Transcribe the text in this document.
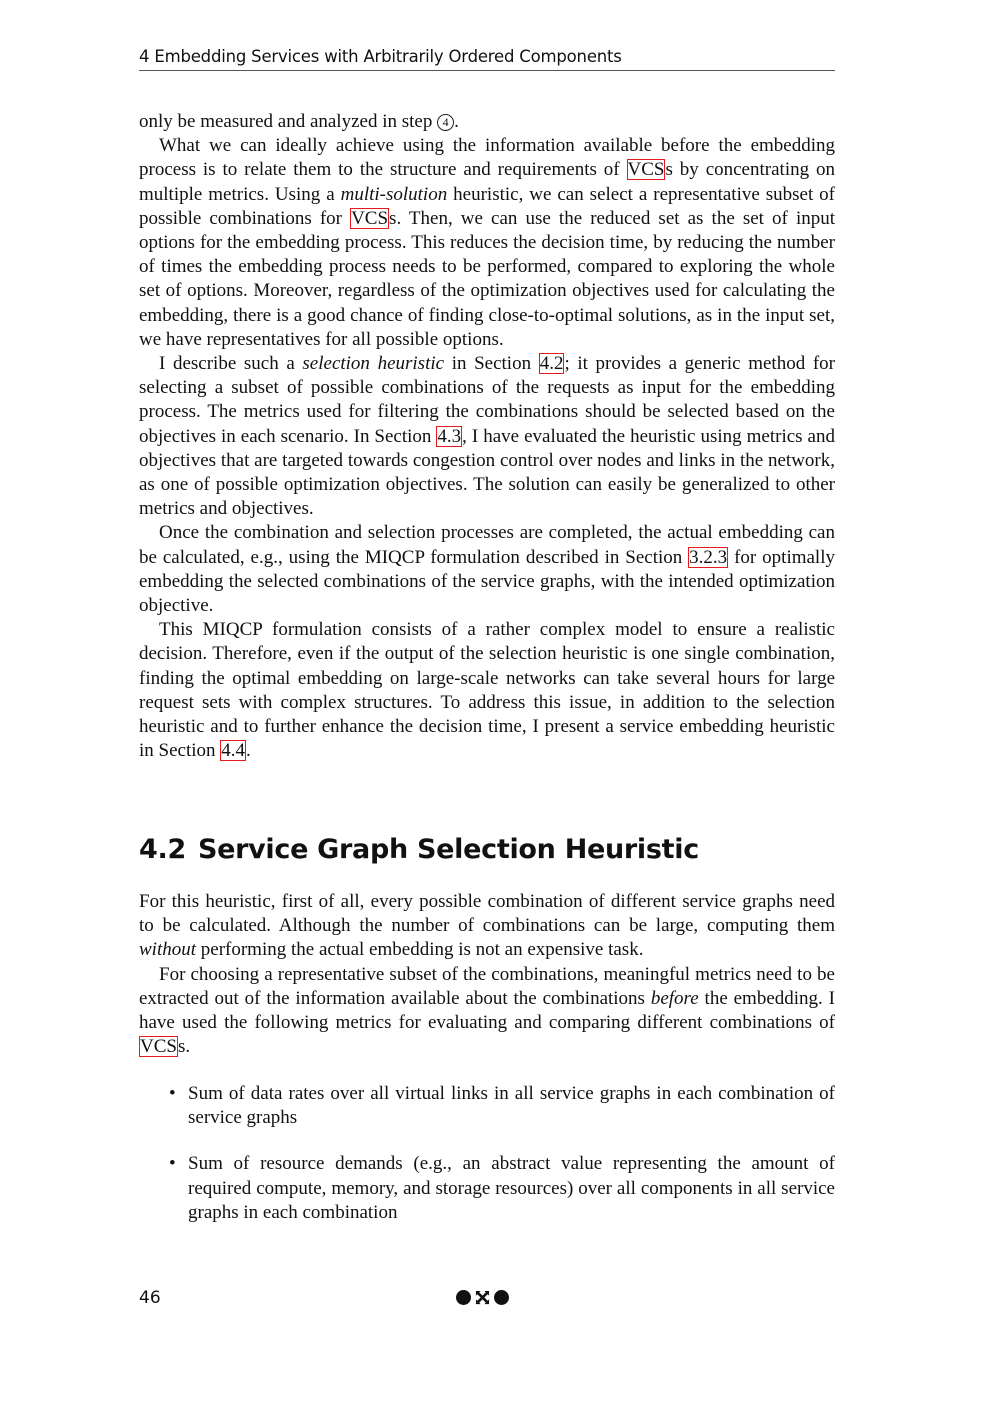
4 Embedding Services with Arbitrarily Ordered Components

only be measured and analyzed in step 4 .

What we can ideally achieve using the information available before the embedding process is to relate them to the structure and requirements of VCSs by concentrating on multiple metrics. Using a multi-solution heuristic, we can select a representative subset of possible combinations for VCSs. Then, we can use the reduced set as the set of input options for the embedding process. This reduces the decision time, by reducing the number of times the embedding process needs to be performed, compared to exploring the whole set of options. Moreover, regardless of the optimization objectives used for calculating the embedding, there is a good chance of finding close-to-optimal solutions, as in the input set, we have representatives for all possible options.

I describe such a selection heuristic in Section 4.2; it provides a generic method for selecting a subset of possible combinations of the requests as input for the embedding process. The metrics used for filtering the combinations should be selected based on the objectives in each scenario. In Section 4.3, I have evaluated the heuristic using metrics and objectives that are targeted towards congestion control over nodes and links in the network, as one of possible optimization objectives. The solution can easily be generalized to other metrics and objectives.

Once the combination and selection processes are completed, the actual embedding can be calculated, e.g., using the MIQCP formulation described in Section 3.2.3 for optimally embedding the selected combinations of the service graphs, with the intended optimization objective.

This MIQCP formulation consists of a rather complex model to ensure a realistic decision. Therefore, even if the output of the selection heuristic is one single combination, finding the optimal embedding on large-scale networks can take several hours for large request sets with complex structures. To address this issue, in addition to the selection heuristic and to further enhance the decision time, I present a service embedding heuristic in Section 4.4.

4.2 Service Graph Selection Heuristic

For this heuristic, first of all, every possible combination of different service graphs need to be calculated. Although the number of combinations can be large, computing them without performing the actual embedding is not an expensive task.

For choosing a representative subset of the combinations, meaningful metrics need to be extracted out of the information available about the combinations before the embedding. I have used the following metrics for evaluating and comparing different combinations of VCSs.

• Sum of data rates over all virtual links in all service graphs in each combination of service graphs
• Sum of resource demands (e.g., an abstract value representing the amount of required compute, memory, and storage resources) over all components in all service graphs in each combination
46
